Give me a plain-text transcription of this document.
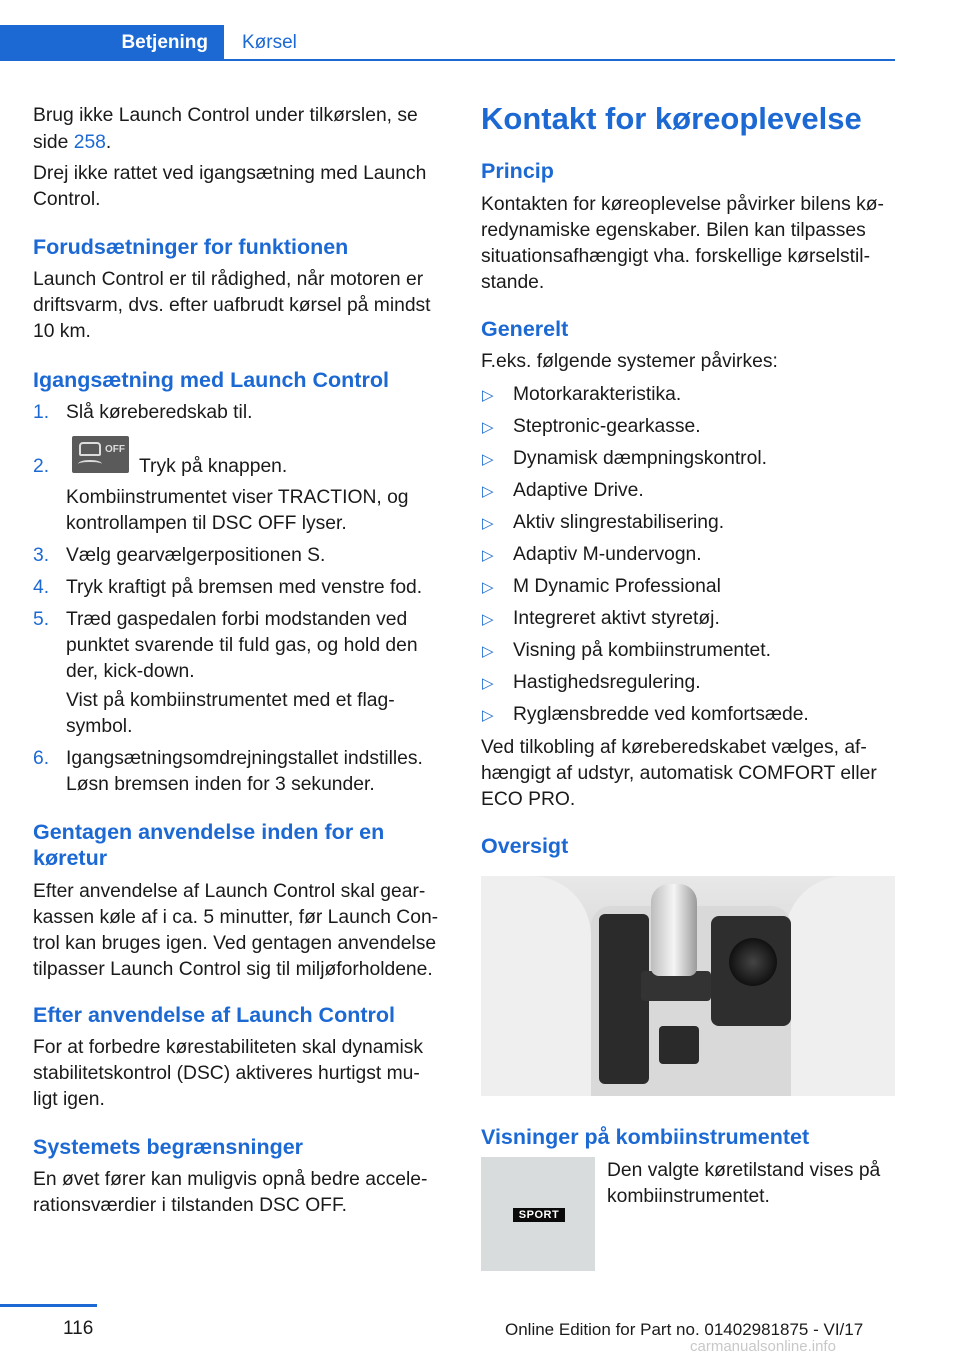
Betjening	Kørsel
Brug ikke Launch Control under tilkørslen, se
side 258.
Drej ikke rattet ved igangsætning med Launch
Control.
Forudsætninger for funktionen
Launch Control er til rådighed, når motoren er
driftsvarm, dvs. efter uafbrudt kørsel på mindst
10 km.
Igangsætning med Launch Control
1. Slå køreberedskab til.
2.
OFF
Tryk på knappen.
Kombiinstrumentet viser TRACTION, og
kontrollampen til DSC OFF lyser.
3. Vælg gearvælgerpositionen S.
4. Tryk kraftigt på bremsen med venstre fod.
5. Træd gaspedalen forbi modstanden ved
punktet svarende til fuld gas, og hold den
der, kick-down.
Vist på kombiinstrumentet med et flag-
symbol.
6. Igangsætningsomdrejningstallet indstilles.
Løsn bremsen inden for 3 sekunder.
Gentagen anvendelse inden for en
køretur
Efter anvendelse af Launch Control skal gear-
kassen køle af i ca. 5 minutter, før Launch Con-
trol kan bruges igen. Ved gentagen anvendelse
tilpasser Launch Control sig til miljøforholdene.
Efter anvendelse af Launch Control
For at forbedre kørestabiliteten skal dynamisk
stabilitetskontrol (DSC) aktiveres hurtigst mu-
ligt igen.
Systemets begrænsninger
En øvet fører kan muligvis opnå bedre accele-
rationsværdier i tilstanden DSC OFF.
Kontakt for køreoplevelse
Princip
Kontakten for køreoplevelse påvirker bilens kø-
redynamiske egenskaber. Bilen kan tilpasses
situationsafhængigt vha. forskellige kørselstil-
stande.
Generelt
F.eks. følgende systemer påvirkes:
▷ Motorkarakteristika.
▷ Steptronic-gearkasse.
▷ Dynamisk dæmpningskontrol.
▷ Adaptive Drive.
▷ Aktiv slingrestabilisering.
▷ Adaptiv M-undervogn.
▷ M Dynamic Professional
▷ Integreret aktivt styretøj.
▷ Visning på kombiinstrumentet.
▷ Hastighedsregulering.
▷ Ryglænsbredde ved komfortsæde.
Ved tilkobling af køreberedskabet vælges, af-
hængigt af udstyr, automatisk COMFORT eller
ECO PRO.
Oversigt
Visninger på kombiinstrumentet
SPORT
Den valgte køretilstand vises på
kombiinstrumentet.
116	Online Edition for Part no. 01402981875 - VI/17
carmanualsonline.info
